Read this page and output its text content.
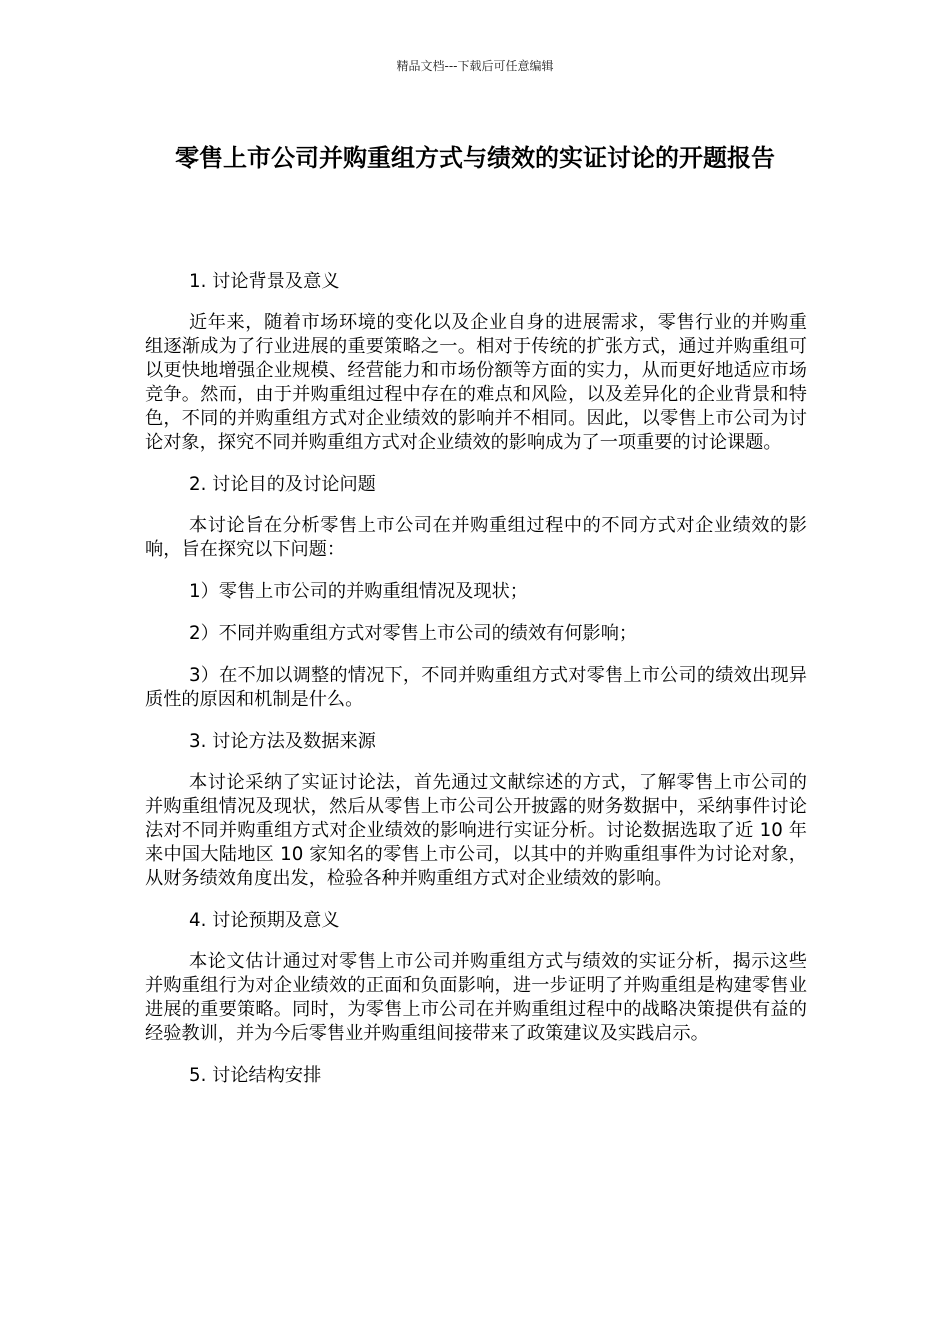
精品文档---下载后可任意编辑
零售上市公司并购重组方式与绩效的实证讨论的开题报告

1. 讨论背景及意义

近年来，随着市场环境的变化以及企业自身的进展需求，零售行业的并购重组逐渐成为了行业进展的重要策略之一。相对于传统的扩张方式，通过并购重组可以更快地增强企业规模、经营能力和市场份额等方面的实力，从而更好地适应市场竞争。然而，由于并购重组过程中存在的难点和风险，以及差异化的企业背景和特色，不同的并购重组方式对企业绩效的影响并不相同。因此，以零售上市公司为讨论对象，探究不同并购重组方式对企业绩效的影响成为了一项重要的讨论课题。

2. 讨论目的及讨论问题

本讨论旨在分析零售上市公司在并购重组过程中的不同方式对企业绩效的影响，旨在探究以下问题：

1）零售上市公司的并购重组情况及现状；

2）不同并购重组方式对零售上市公司的绩效有何影响；

3）在不加以调整的情况下，不同并购重组方式对零售上市公司的绩效出现异质性的原因和机制是什么。

3. 讨论方法及数据来源

本讨论采纳了实证讨论法，首先通过文献综述的方式，了解零售上市公司的并购重组情况及现状，然后从零售上市公司公开披露的财务数据中，采纳事件讨论法对不同并购重组方式对企业绩效的影响进行实证分析。讨论数据选取了近 10 年来中国大陆地区 10 家知名的零售上市公司，以其中的并购重组事件为讨论对象，从财务绩效角度出发，检验各种并购重组方式对企业绩效的影响。

4. 讨论预期及意义

本论文估计通过对零售上市公司并购重组方式与绩效的实证分析，揭示这些并购重组行为对企业绩效的正面和负面影响，进一步证明了并购重组是构建零售业进展的重要策略。同时，为零售上市公司在并购重组过程中的战略决策提供有益的经验教训，并为今后零售业并购重组间接带来了政策建议及实践启示。

5. 讨论结构安排
